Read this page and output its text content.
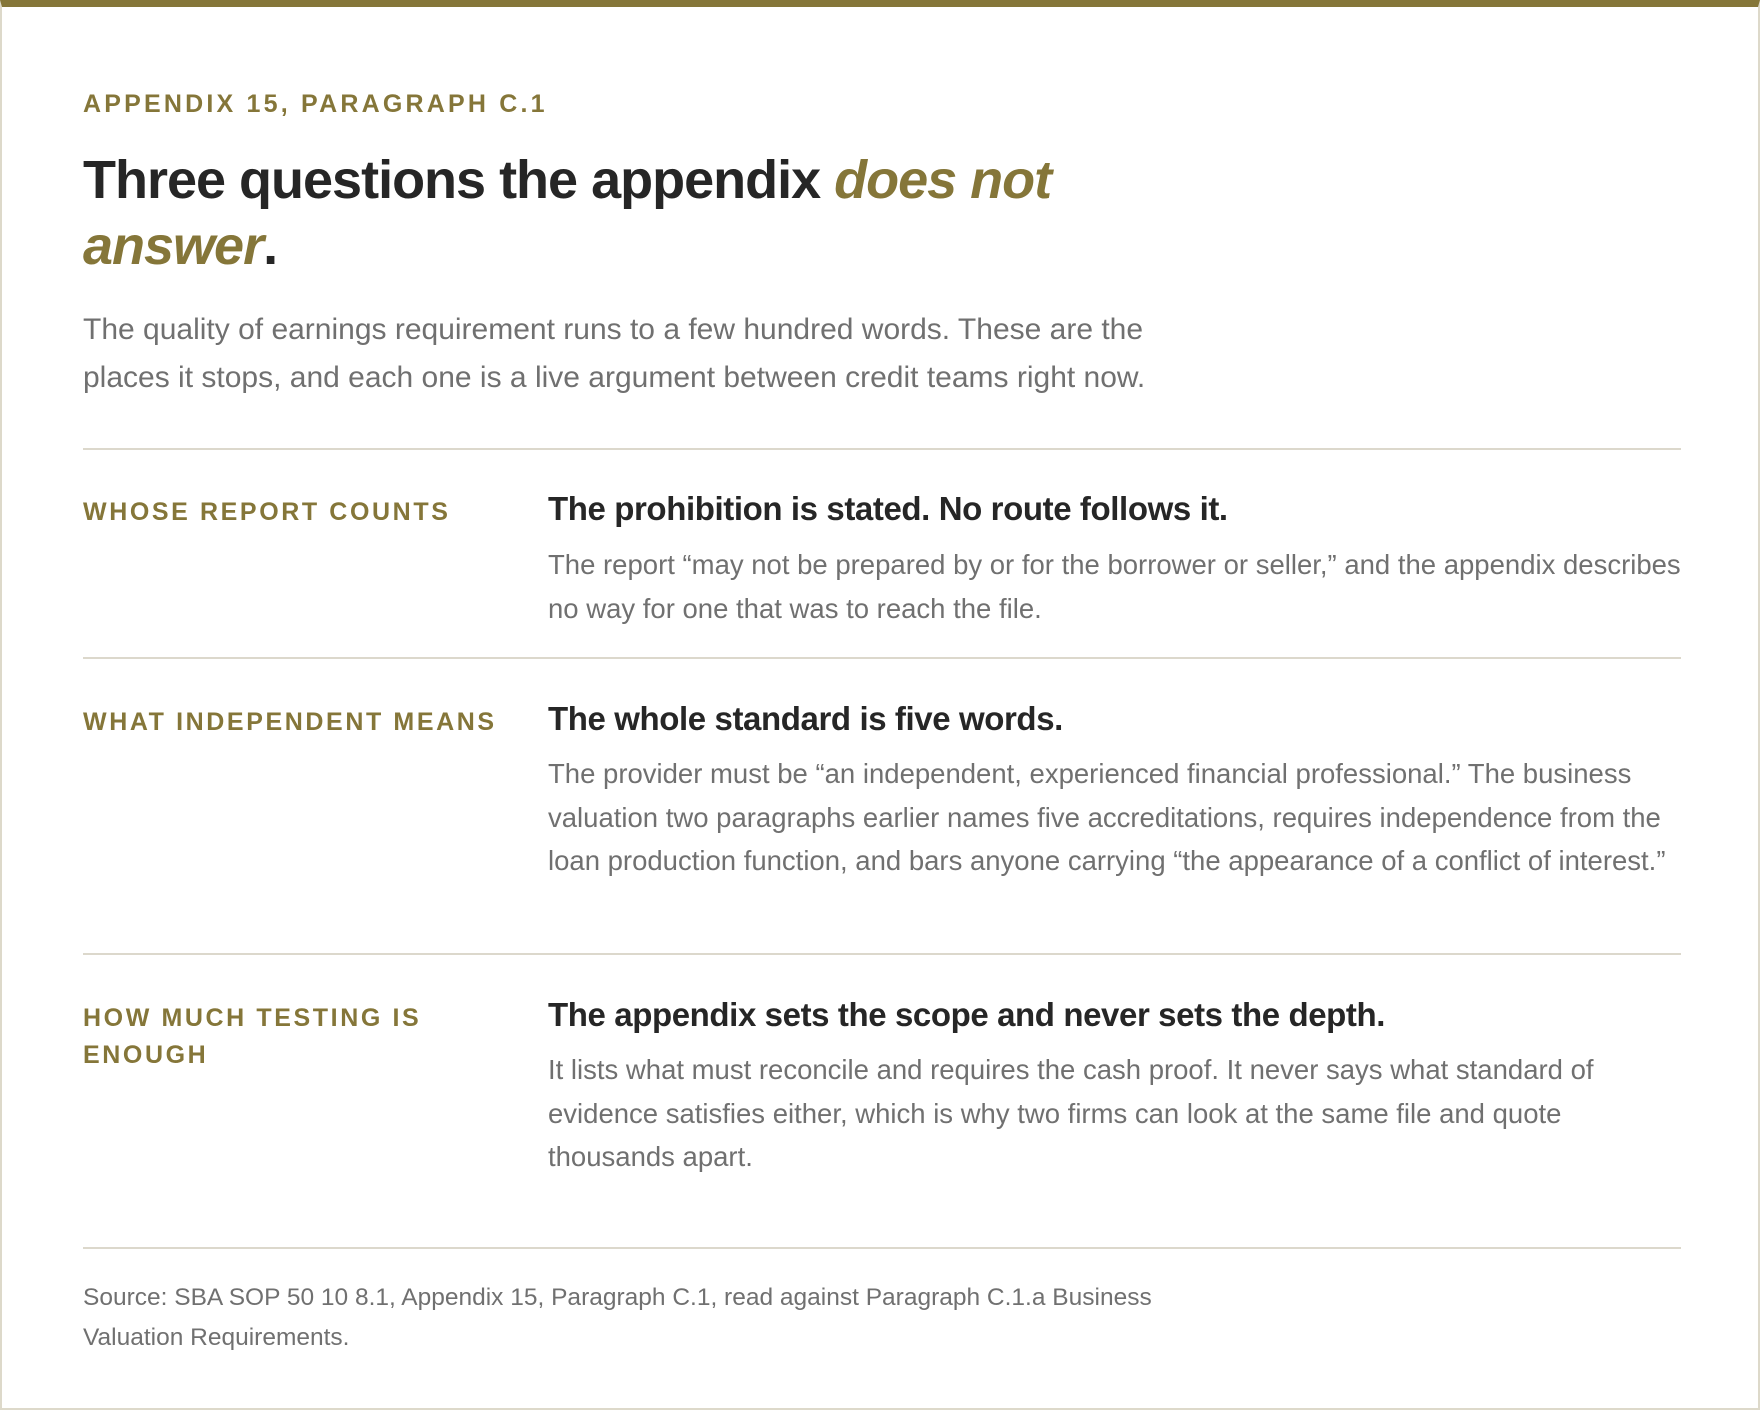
APPENDIX 15, PARAGRAPH C.1
Three questions the appendix does not
answer.

The quality of earnings requirement runs to a few hundred words. These are the places it stops, and each one is a live argument between credit teams right now.

WHOSE REPORT COUNTS	The prohibition is stated. No route follows it.

The report “may not be prepared by or for the borrower or seller,” and the appendix describes no way for one that was to reach the file.

WHAT INDEPENDENT MEANS The whole standard is five words.

The provider must be “an independent, experienced financial professional.” The business valuation two paragraphs earlier names five accreditations, requires independence from the loan production function, and bars anyone carrying “the appearance of a conflict of interest.”

HOW MUCH TESTING IS ENOUGH
The appendix sets the scope and never sets the depth.

It lists what must reconcile and requires the cash proof. It never says what standard of evidence satisfies either, which is why two firms can look at the same file and quote thousands apart.

Source: SBA SOP 50 10 8.1, Appendix 15, Paragraph C.1, read against Paragraph C.1.a Business Valuation Requirements.
